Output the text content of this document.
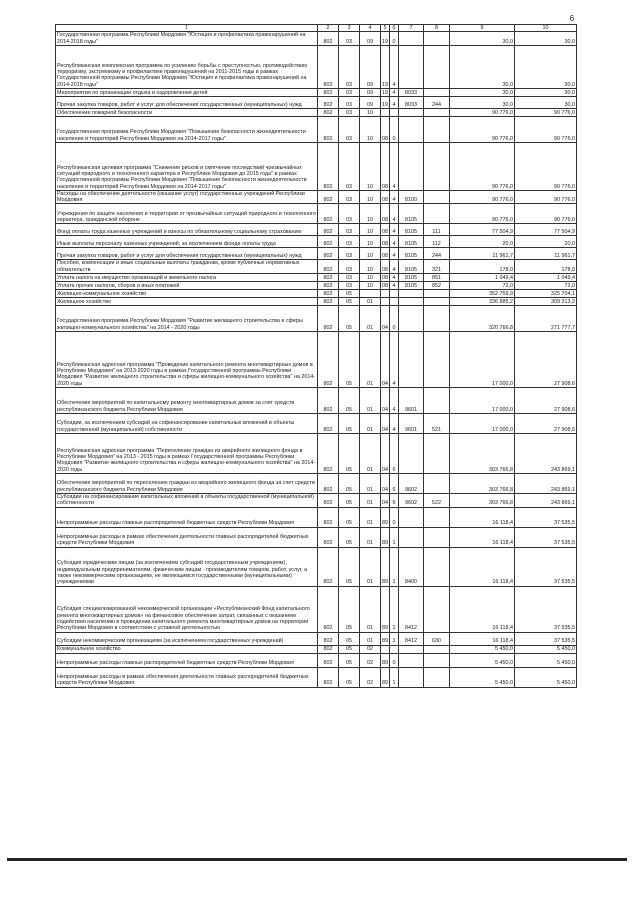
6
1	2	3	4	5	6	7	8	9	10
Государственная программа Республики Мордовия "Юстиция и профилактика правонарушений на 2014-2018 годы"	802	03	09	19	0			30,0	30,0
Республиканская комплексная программа по усилению борьбы с преступностью, противодействию терроризму, экстремизму и профилактике правонарушений на 2011-2015 годы в рамках Государственной программы Республики Мордовия "Юстиция и профилактика правонарушений на 2014-2018 годы"	802	03	09	19	4			30,0	30,0
Мероприятия по организации отдыха и оздоровления детей	802	03	09	19	4	8033		30,0	30,0
Прочая закупка товаров, работ и услуг для обеспечения государственных (муниципальных) нужд	802	03	09	19	4	8033	244	30,0	30,0
Обеспечение пожарной безопасности	802	03	10					90 776,0	90 776,0
Государственная программа Республики Мордовия "Повышение безопасности жизнедеятельности населения и территорий Республики Мордовия на 2014-2017 годы"	802	03	10	08	0			90 776,0	90 776,0
Республиканская целевая программа "Снижение рисков и смягчение последствий чрезвычайных ситуаций природного и техногенного характера в Республике Мордовия до 2015 года" в рамках Государственной программы Республики Мордовия "Повышение безопасности жизнедеятельности населения и территорий Республики Мордовия на 2014-2017 годы"	802	03	10	08	4			90 776,0	90 776,0
Расходы на обеспечение деятельности (оказание услуг) государственных учреждений Республики Мордовия	802	03	10	08	4	8100		90 776,0	90 776,0
Учреждения по защите населения и территории от чрезвычайных ситуаций природного и техногенного характера, гражданской обороне	802	03	10	08	4	8105		90 776,0	90 776,0
Фонд оплаты труда казенных учреждений и взносы по обязательному социальному страхованию	802	03	10	08	4	8105	111	77 504,9	77 504,9
Иные выплаты персоналу казенных учреждений, за исключением фонда оплаты труда	802	03	10	08	4	8105	112	20,0	20,0
Прочая закупка товаров, работ и услуг для обеспечения государственных (муниципальных) нужд	802	03	10	08	4	8105	244	11 961,7	11 961,7
Пособия, компенсации и иные социальные выплаты гражданам, кроме публичных нормативных обязательств	802	03	10	08	4	8105	321	178,0	178,0
Уплата налога на имущество организаций и земельного налога	802	03	10	08	4	8105	851	1 049,4	1 049,4
Уплата прочих налогов, сборов и иных платежей	802	03	10	08	4	8105	852	72,0	72,0
Жилищно-коммунальное хозяйство	802	05						352 759,9	325 704,1
Жилищное хозяйство	802	05	01					336 885,2	309 313,2
Государственная программа Республики Мордовия "Развитие жилищного строительства и сферы жилищно-коммунального хозяйства" на 2014 - 2020 годы	802	05	01	04	0			320 766,8	271 777,7
Республиканская адресная программа "Проведение капитального ремонта многоквартирных домов в Республике Мордовия" на 2013-2020 годы в рамках Государственной программы Республики Мордовия "Развитие жилищного строительства и сферы жилищно-коммунального хозяйства" на 2014-2020 годы	802	05	01	04	4			17 000,0	27 908,6
Обеспечение мероприятий по капитальному ремонту многоквартирных домов за счет средств республиканского бюджета Республики Мордовия	802	05	01	04	4	9601		17 000,0	27 908,6
Субсидии, за исключением субсидий на софинансирование капитальных вложений в объекты государственной (муниципальной) собственности	802	05	01	04	4	9601	521	17 000,0	27 908,6
Республиканская адресная программа "Переселение граждан из аварийного жилищного фонда в Республике Мордовия" на 2013 - 2015 годы в рамках Государственной программы Республики Мордовия "Развитие жилищного строительства и сферы жилищно-коммунального хозяйства" на 2014-2020 годы	802	05	01	04	6			303 766,8	243 869,1
Обеспечение мероприятий по переселению граждан из аварийного жилищного фонда за счет средств республиканского бюджета Республики Мордовия	802	05	01	04	6	9602		303 766,8	243 869,1
Субсидии на софинансирование капитальных вложений в объекты государственной (муниципальной) собственности	802	05	01	04	6	9602	522	303 766,8	243 869,1
Непрограммные расходы главных распорядителей бюджетных средств Республики Мордовия	802	05	01	89	0			16 118,4	37 535,5
Непрограммные расходы в рамках обеспечения деятельности главных распорядителей бюджетных средств Республики Мордовия	802	05	01	89	1			16 118,4	37 535,5
Субсидия юридическим лицам (за исключением субсидий государственным учреждениям), индивидуальным предпринимателям, физическим лицам - производителям товаров, работ, услуг, а также некоммерческим организациям, не являющимся государственными (муниципальными) учреждениями	802	05	01	89	1	8400		16 118,4	37 535,5
Субсидия специализированной некоммерческой организации «Республиканский Фонд капитального ремонта многоквартирных домов» на финансовое обеспечение затрат, связанных с оказанием содействия населению в проведении капитального ремонта многоквартирных домов на территории Республики Мордовия в соответствии с уставной деятельностью	802	05	01	89	1	8412		16 118,4	37 535,5
Субсидии некоммерческим организациям (за исключением государственных учреждений)	802	05	01	89	1	8412	630	16 118,4	37 535,5
Коммунальное хозяйство	802	05	02					5 450,0	5 450,0
Непрограммные расходы главных распорядителей бюджетных средств Республики Мордовия	802	05	02	89	0			5 450,0	5 450,0
Непрограммные расходы в рамках обеспечения деятельности главных распорядителей бюджетных средств Республики Мордовия	802	05	02	89	1			5 450,0	5 450,0
